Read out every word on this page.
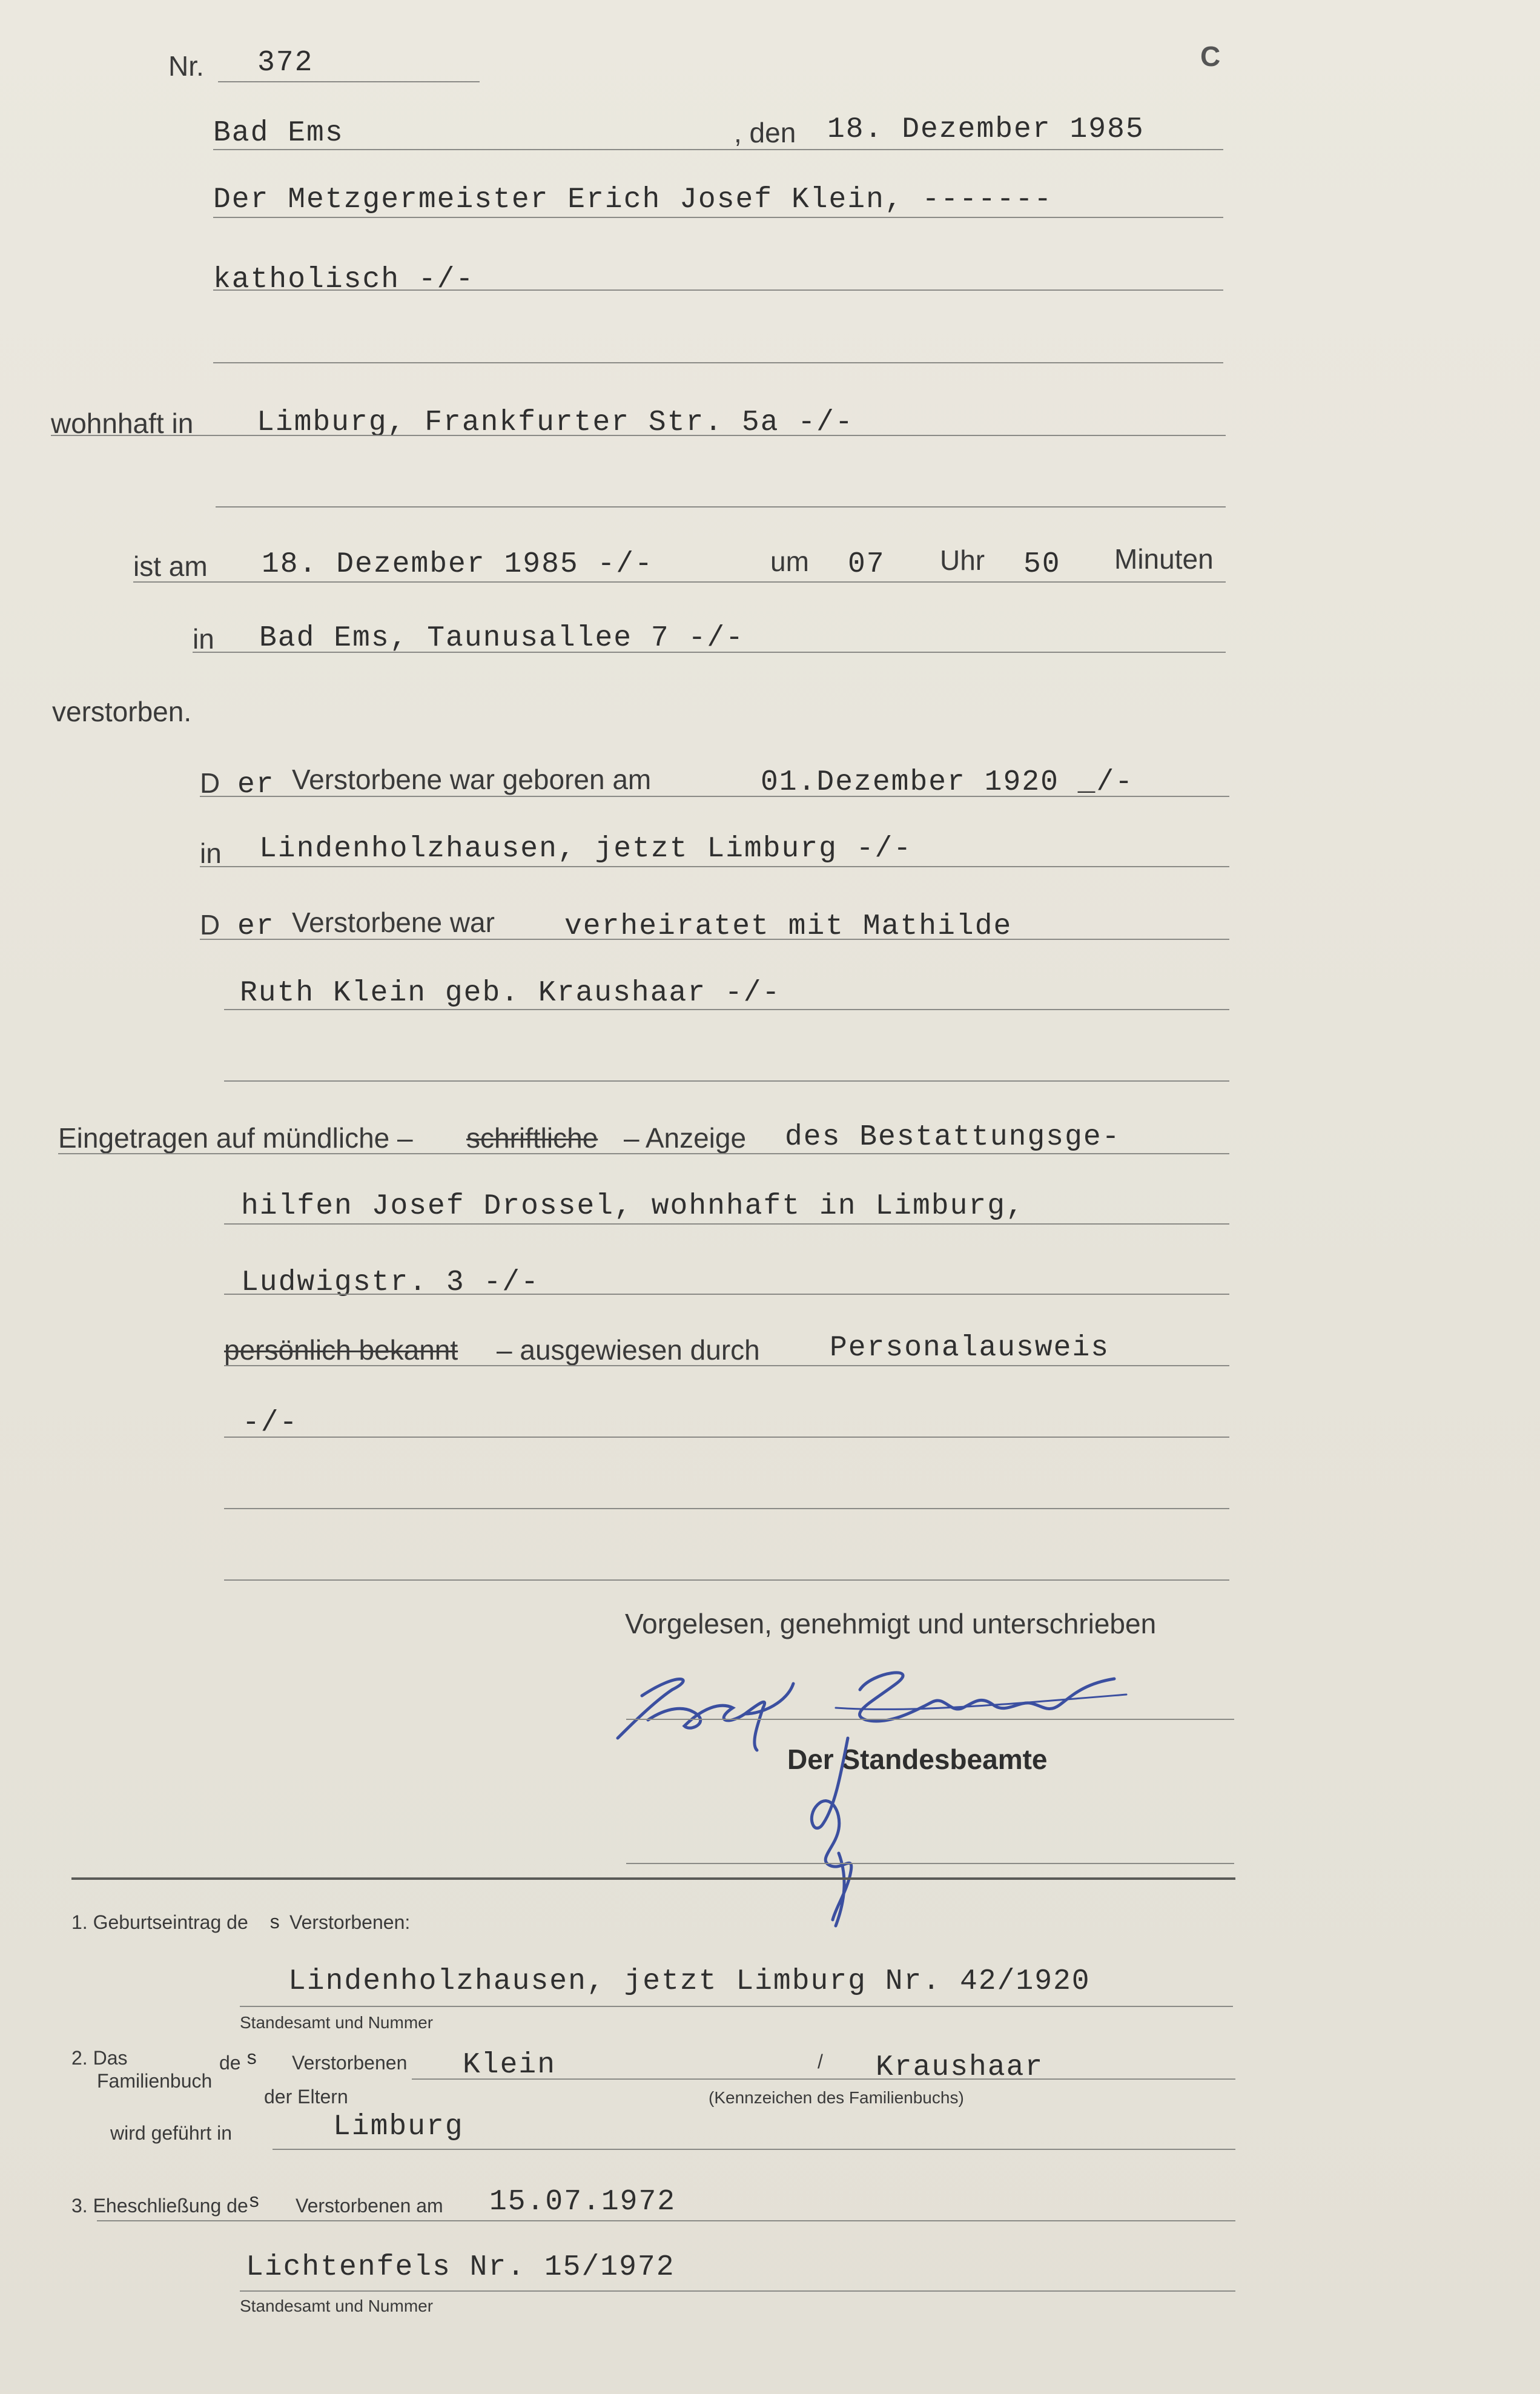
Nr. 372	C
Bad Ems	, den 18. Dezember 1985
Der Metzgermeister Erich Josef Klein, -------
katholisch -/-
wohnhaft in Limburg, Frankfurter Str. 5a -/-
ist am 18. Dezember 1985 -/-	um 07 Uhr 50 Minuten
in Bad Ems, Taunusallee 7 -/-
verstorben.
D er Verstorbene war geboren am	01.Dezember 1920 _/-
in Lindenholzhausen, jetzt Limburg -/-
D er Verstorbene war verheiratet mit Mathilde
Ruth Klein geb. Kraushaar -/-
Eingetragen auf mündliche – schriftliche – Anzeige des Bestattungsge-
hilfen Josef Drossel, wohnhaft in Limburg,
Ludwigstr. 3 -/-
persönlich bekannt – ausgewiesen durch Personalausweis
-/-
Vorgelesen, genehmigt und unterschrieben
Der Standesbeamte
1. Geburtseintrag de s Verstorbenen:
Lindenholzhausen, jetzt Limburg Nr. 42/1920
Standesamt und Nummer
2. Das
Familienbuch
de s Verstorbenen
der Eltern
Klein	/ Kraushaar
(Kennzeichen des Familienbuchs)
wird geführt in	Limburg
3. Eheschließung de s Verstorbenen am 15.07.1972
Lichtenfels Nr. 15/1972
Standesamt und Nummer
